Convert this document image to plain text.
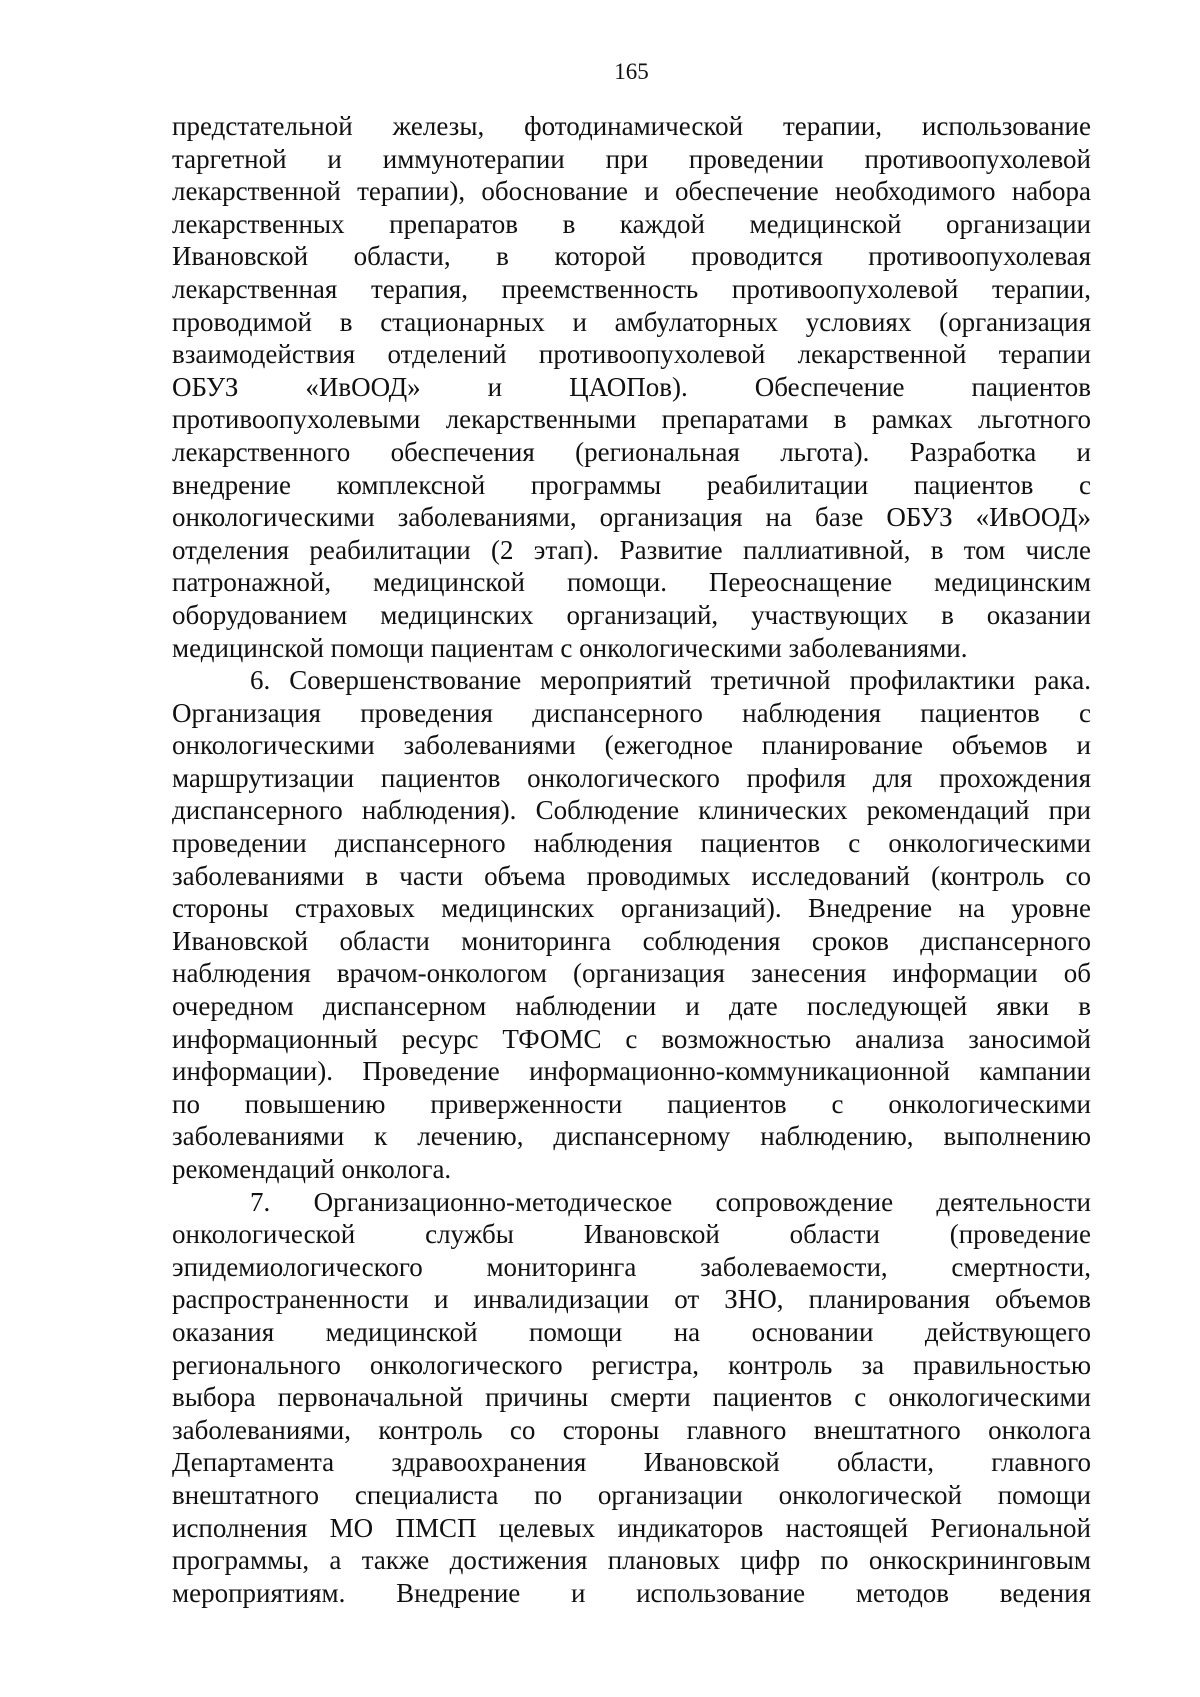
165
предстательной железы, фотодинамической терапии, использование
таргетной и иммунотерапии при проведении противоопухолевой
лекарственной терапии), обоснование и обеспечение необходимого набора
лекарственных препаратов в каждой медицинской организации
Ивановской области, в которой проводится противоопухолевая
лекарственная терапия, преемственность противоопухолевой терапии,
проводимой в стационарных и амбулаторных условиях (организация
взаимодействия отделений противоопухолевой лекарственной терапии
ОБУЗ «ИвООД» и ЦАОПов). Обеспечение пациентов
противоопухолевыми лекарственными препаратами в рамках льготного
лекарственного обеспечения (региональная льгота). Разработка и
внедрение комплексной программы реабилитации пациентов с
онкологическими заболеваниями, организация на базе ОБУЗ «ИвООД»
отделения реабилитации (2 этап). Развитие паллиативной, в том числе
патронажной, медицинской помощи. Переоснащение медицинским
оборудованием медицинских организаций, участвующих в оказании
медицинской помощи пациентам с онкологическими заболеваниями.
6. Совершенствование мероприятий третичной профилактики рака.
Организация проведения диспансерного наблюдения пациентов с
онкологическими заболеваниями (ежегодное планирование объемов и
маршрутизации пациентов онкологического профиля для прохождения
диспансерного наблюдения). Соблюдение клинических рекомендаций при
проведении диспансерного наблюдения пациентов с онкологическими
заболеваниями в части объема проводимых исследований (контроль со
стороны страховых медицинских организаций). Внедрение на уровне
Ивановской области мониторинга соблюдения сроков диспансерного
наблюдения врачом-онкологом (организация занесения информации об
очередном диспансерном наблюдении и дате последующей явки в
информационный ресурс ТФОМС с возможностью анализа заносимой
информации). Проведение информационно-коммуникационной кампании
по повышению приверженности пациентов с онкологическими
заболеваниями к лечению, диспансерному наблюдению, выполнению
рекомендаций онколога.
7. Организационно-методическое сопровождение деятельности
онкологической службы Ивановской области (проведение
эпидемиологического мониторинга заболеваемости, смертности,
распространенности и инвалидизации от ЗНО, планирования объемов
оказания медицинской помощи на основании действующего
регионального онкологического регистра, контроль за правильностью
выбора первоначальной причины смерти пациентов с онкологическими
заболеваниями, контроль со стороны главного внештатного онколога
Департамента здравоохранения Ивановской области, главного
внештатного специалиста по организации онкологической помощи
исполнения МО ПМСП целевых индикаторов настоящей Региональной
программы, а также достижения плановых цифр по онкоскрининговым
мероприятиям. Внедрение и использование методов ведения
